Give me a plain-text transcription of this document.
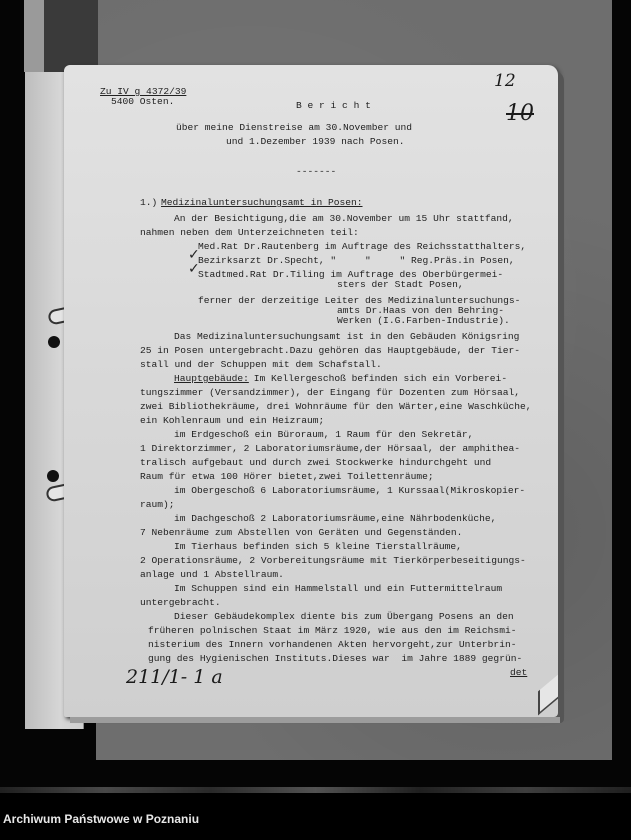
Zu IV g 4372/39
5400 Osten.
12
10
B e r i c h t
über meine Dienstreise am 30.November und
und 1.Dezember 1939 nach Posen.
-------
1.) Medizinaluntersuchungsamt in Posen:
An der Besichtigung,die am 30.November um 15 Uhr stattfand,
nahmen neben dem Unterzeichneten teil:
Med.Rat Dr.Rautenberg im Auftrage des Reichsstatthalters,
✓
Bezirksarzt Dr.Specht, "     "     " Reg.Präs.in Posen,
✓
Stadtmed.Rat Dr.Tiling im Auftrage des Oberbürgermei-
sters der Stadt Posen,
ferner der derzeitige Leiter des Medizinaluntersuchungs-
amts Dr.Haas von den Behring-
Werken (I.G.Farben-Industrie).
Das Medizinaluntersuchungsamt ist in den Gebäuden Königsring
25 in Posen untergebracht.Dazu gehören das Hauptgebäude, der Tier-
stall und der Schuppen mit dem Schafstall.
Hauptgebäude: Im Kellergeschoß befinden sich ein Vorberei-
tungszimmer (Versandzimmer), der Eingang für Dozenten zum Hörsaal,
zwei Bibliothekräume, drei Wohnräume für den Wärter,eine Waschküche,
ein Kohlenraum und ein Heizraum;
im Erdgeschoß ein Büroraum, 1 Raum für den Sekretär,
1 Direktorzimmer, 2 Laboratoriumsräume,der Hörsaal, der amphithea-
tralisch aufgebaut und durch zwei Stockwerke hindurchgeht und
Raum für etwa 100 Hörer bietet,zwei Toilettenräume;
im Obergeschoß 6 Laboratoriumsräume, 1 Kurssaal(Mikroskopier-
raum);
im Dachgeschoß 2 Laboratoriumsräume,eine Nährbodenküche,
7 Nebenräume zum Abstellen von Geräten und Gegenständen.
Im Tierhaus befinden sich 5 kleine Tierstallräume,
2 Operationsräume, 2 Vorbereitungsräume mit Tierkörperbeseitigungs-
anlage und 1 Abstellraum.
Im Schuppen sind ein Hammelstall und ein Futtermittelraum
untergebracht.
Dieser Gebäudekomplex diente bis zum Übergang Posens an den
früheren polnischen Staat im März 1920, wie aus den im Reichsmi-
nisterium des Innern vorhandenen Akten hervorgeht,zur Unterbrin-
gung des Hygienischen Instituts.Dieses war  im Jahre 1889 gegrün-
det
211/1- 1 a
Archiwum Państwowe w Poznaniu
